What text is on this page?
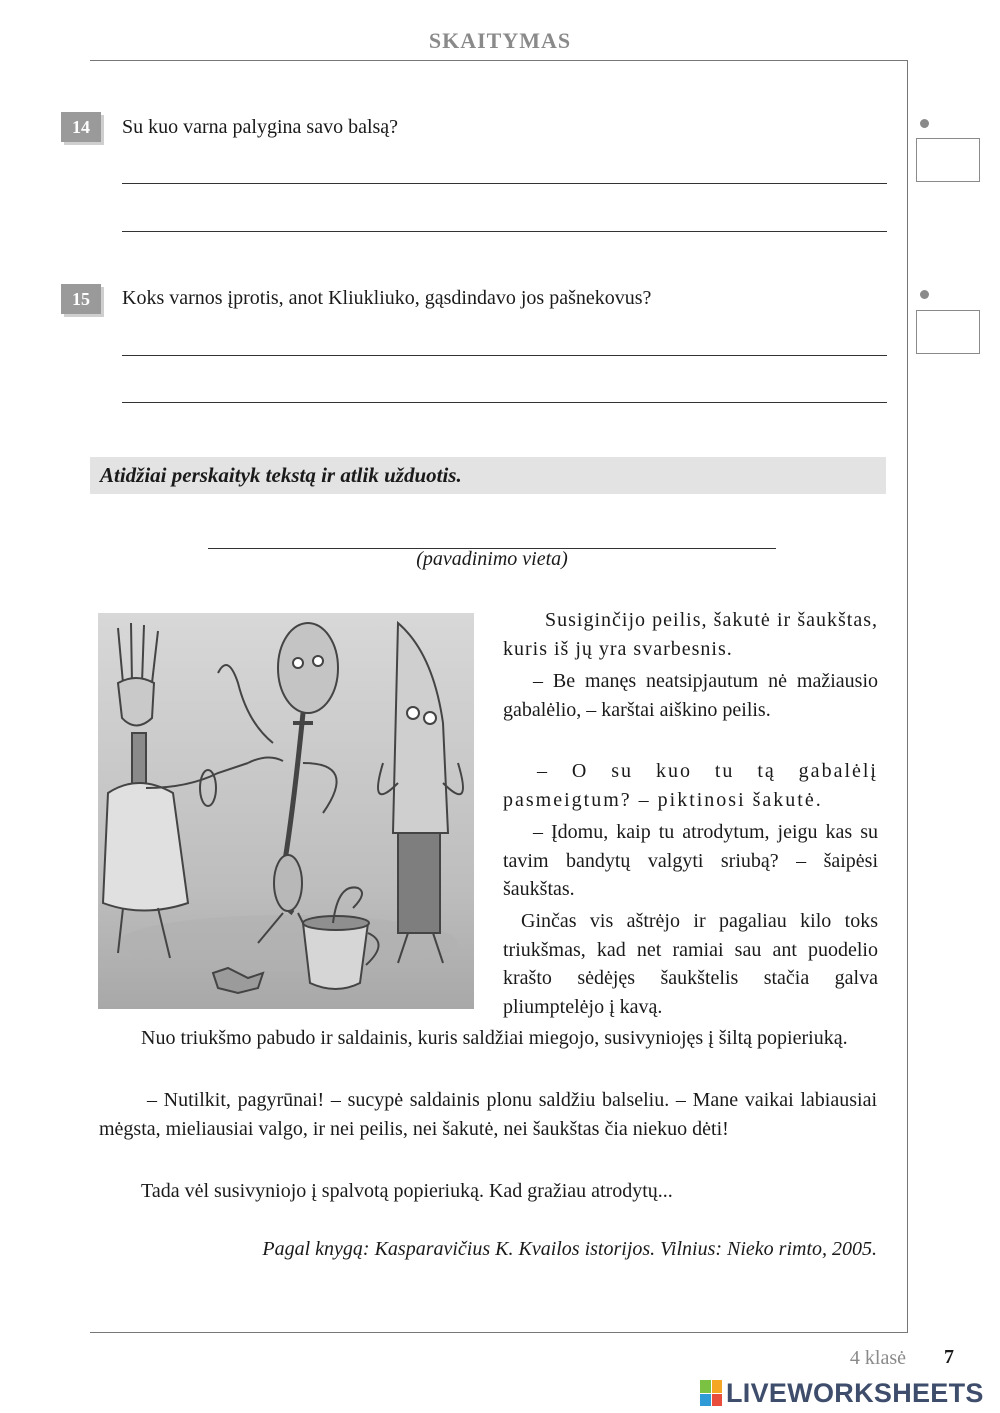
SKAITYMAS
14	Su kuo varna palygina savo balsą?
15	Koks varnos įprotis, anot Kliukliuko, gąsdindavo jos pašnekovus?
Atidžiai perskaityk tekstą ir atlik užduotis.
(pavadinimo vieta)
Susiginčijo peilis, šakutė ir šaukštas, kuris iš jų yra svarbesnis.
– Be manęs neatsipjautum nė mažiausio gabalėlio, – karštai aiškino peilis.
– O su kuo tu tą gabalėlį pasmeigtum? – piktinosi šakutė.
– Įdomu, kaip tu atrodytum, jeigu kas su tavim bandytų valgyti sriubą? – šaipėsi šaukštas.
Ginčas vis aštrėjo ir pagaliau kilo toks triukšmas, kad net ramiai sau ant puodelio krašto sėdėjęs šaukštelis stačia galva pliumptelėjo į kavą.
Nuo triukšmo pabudo ir saldainis, kuris saldžiai miegojo, susivyniojęs į šiltą popieriuką.
– Nutilkit, pagyrūnai! – sucypė saldainis plonu saldžiu balseliu. – Mane vaikai labiausiai mėgsta, mieliausiai valgo, ir nei peilis, nei šakutė, nei šaukštas čia niekuo dėti!
Tada vėl susivyniojo į spalvotą popieriuką. Kad gražiau atrodytų...
Pagal knygą: Kasparavičius K. Kvailos istorijos. Vilnius: Nieko rimto, 2005.
4 klasė 7
LIVEWORKSHEETS
